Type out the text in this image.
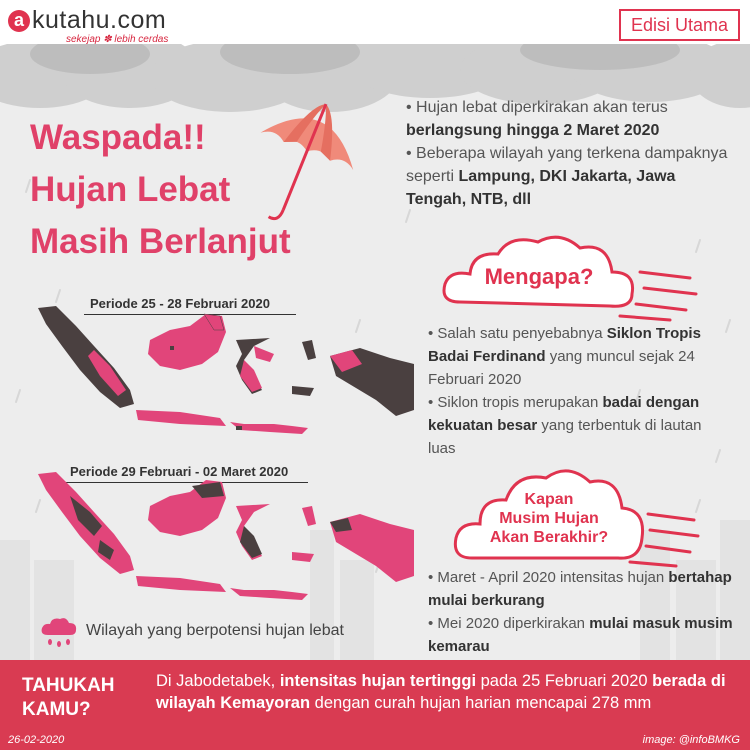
a kutahu.com
sekejap ✽ lebih cerdas
Edisi Utama
Waspada!!
Hujan Lebat
Masih Berlanjut

• Hujan lebat diperkirakan akan terus berlangsung hingga 2 Maret 2020

• Beberapa wilayah yang terkena dampaknya seperti Lampung, DKI Jakarta, Jawa Tengah, NTB, dll

Mengapa?

• Salah satu penyebabnya Siklon Tropis Badai Ferdinand yang muncul sejak 24 Februari 2020

• Siklon tropis merupakan badai dengan kekuatan besar yang terbentuk di lautan luas

Kapan
Musim Hujan
Akan Berakhir?

• Maret - April 2020 intensitas hujan bertahap mulai berkurang

• Mei 2020 diperkirakan mulai masuk musim kemarau

Periode 25 - 28 Februari 2020
Periode 29 Februari - 02 Maret 2020
Wilayah yang berpotensi hujan lebat
TAHUKAH
KAMU?
Di Jabodetabek, intensitas hujan tertinggi pada 25 Februari 2020 berada di wilayah Kemayoran dengan curah hujan harian mencapai 278 mm
26-02-2020	image: @infoBMKG
